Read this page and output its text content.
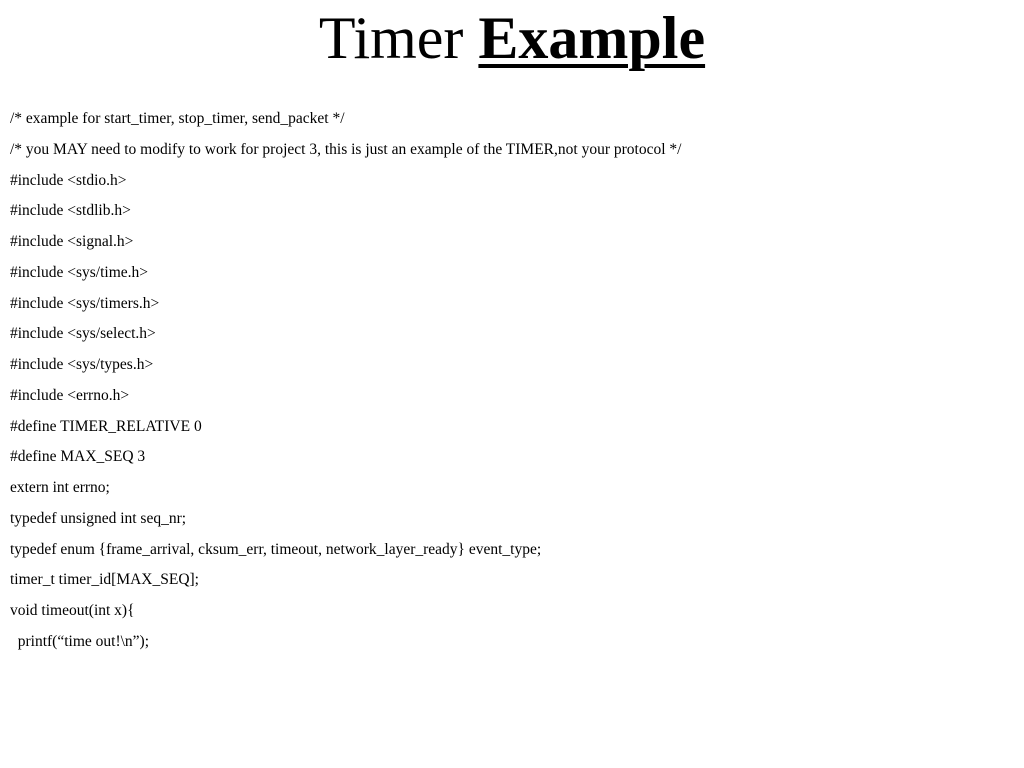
Timer Example
/* example for start_timer, stop_timer, send_packet */
/* you MAY need to modify to work for project 3, this is just an example of the TIMER,not your protocol */
#include <stdio.h>
#include <stdlib.h>
#include <signal.h>
#include <sys/time.h>
#include <sys/timers.h>
#include <sys/select.h>
#include <sys/types.h>
#include <errno.h>
#define TIMER_RELATIVE 0
#define MAX_SEQ 3
extern int errno;
typedef unsigned int seq_nr;
typedef enum {frame_arrival, cksum_err, timeout, network_layer_ready} event_type;
timer_t timer_id[MAX_SEQ];
void timeout(int x){
printf(“time out!\n”);
